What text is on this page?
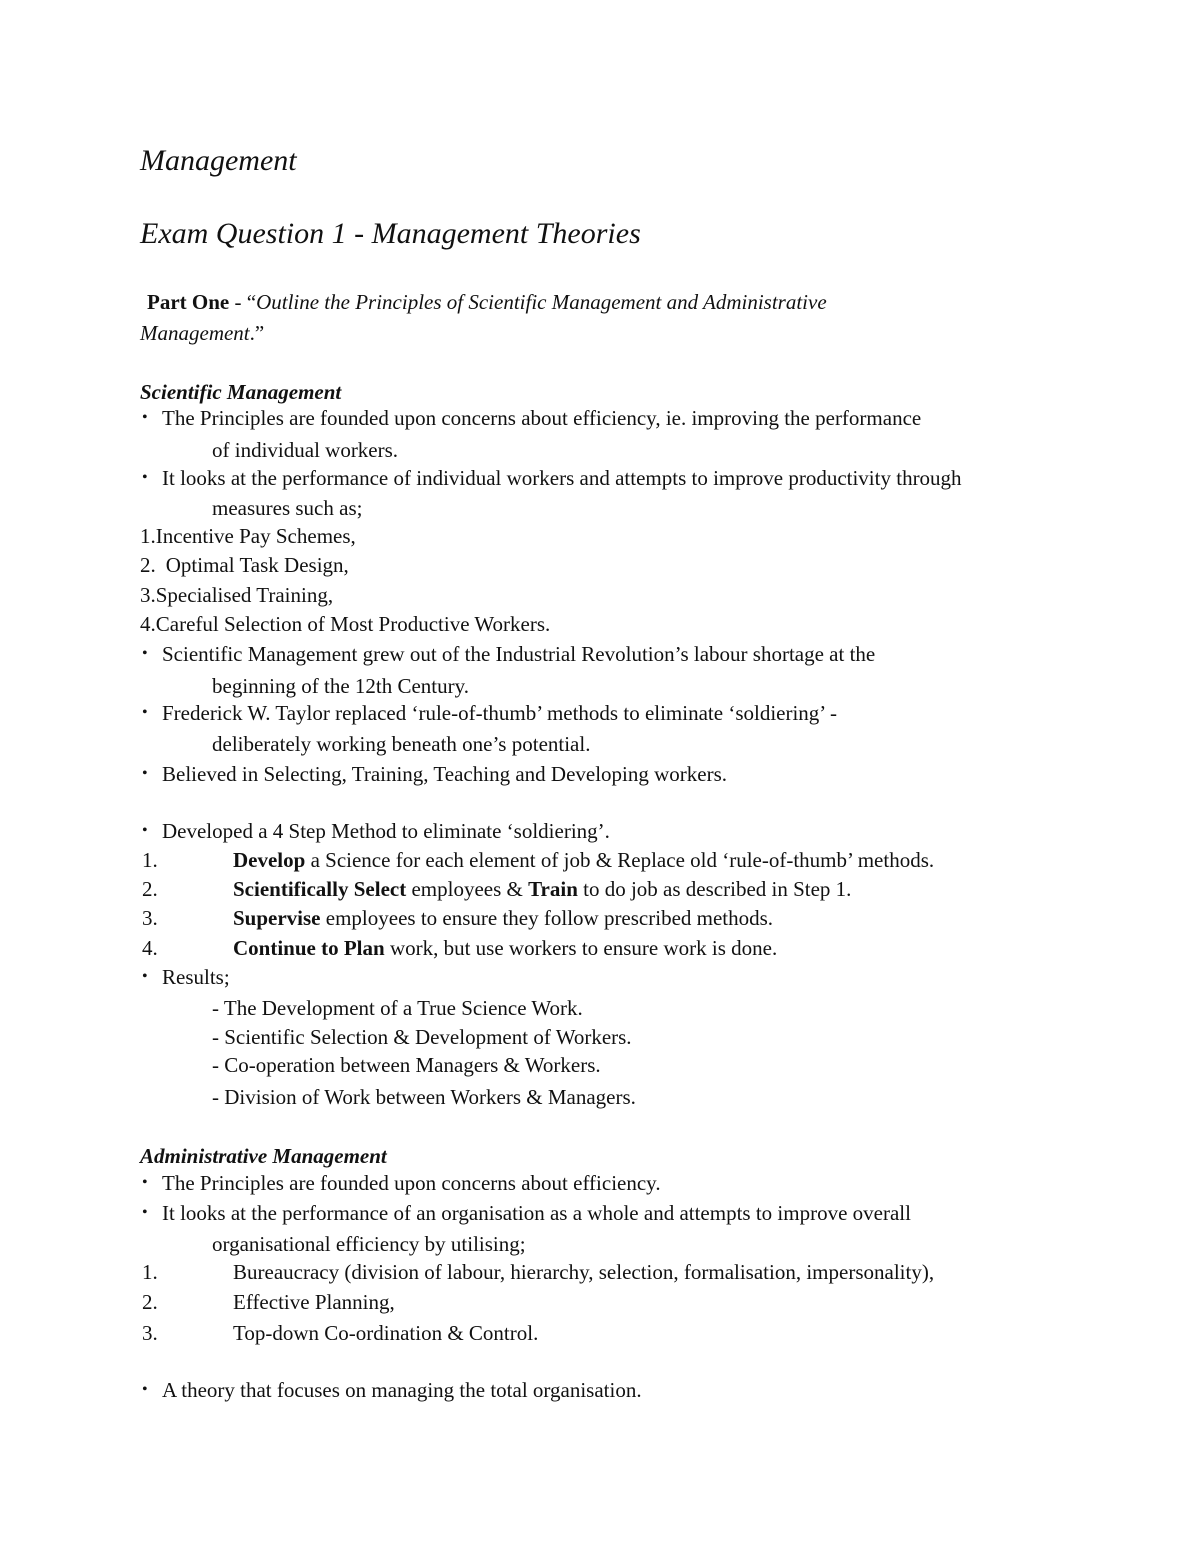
Management
Exam Question 1 - Management Theories
Part One - “Outline the Principles of Scientific Management and Administrative
Management.”
Scientific Management
• The Principles are founded upon concerns about efficiency, ie. improving the performance
of individual workers.
• It looks at the performance of individual workers and attempts to improve productivity through
measures such as;
1.Incentive Pay Schemes,
2. Optimal Task Design,
3.Specialised Training,
4.Careful Selection of Most Productive Workers.
• Scientific Management grew out of the Industrial Revolution’s labour shortage at the
beginning of the 12th Century.
• Frederick W. Taylor replaced ‘rule-of-thumb’ methods to eliminate ‘soldiering’ -
deliberately working beneath one’s potential.
• Believed in Selecting, Training, Teaching and Developing workers.
• Developed a 4 Step Method to eliminate ‘soldiering’.
1.	Develop a Science for each element of job & Replace old ‘rule-of-thumb’ methods.
2.	Scientifically Select employees & Train to do job as described in Step 1.
3.	Supervise employees to ensure they follow prescribed methods.
4.	Continue to Plan work, but use workers to ensure work is done.
• Results;
- The Development of a True Science Work.
- Scientific Selection & Development of Workers.
- Co-operation between Managers & Workers.
- Division of Work between Workers & Managers.
Administrative Management
• The Principles are founded upon concerns about efficiency.
• It looks at the performance of an organisation as a whole and attempts to improve overall
organisational efficiency by utilising;
1.	Bureaucracy (division of labour, hierarchy, selection, formalisation, impersonality),
2.	Effective Planning,
3.	Top-down Co-ordination & Control.
• A theory that focuses on managing the total organisation.
